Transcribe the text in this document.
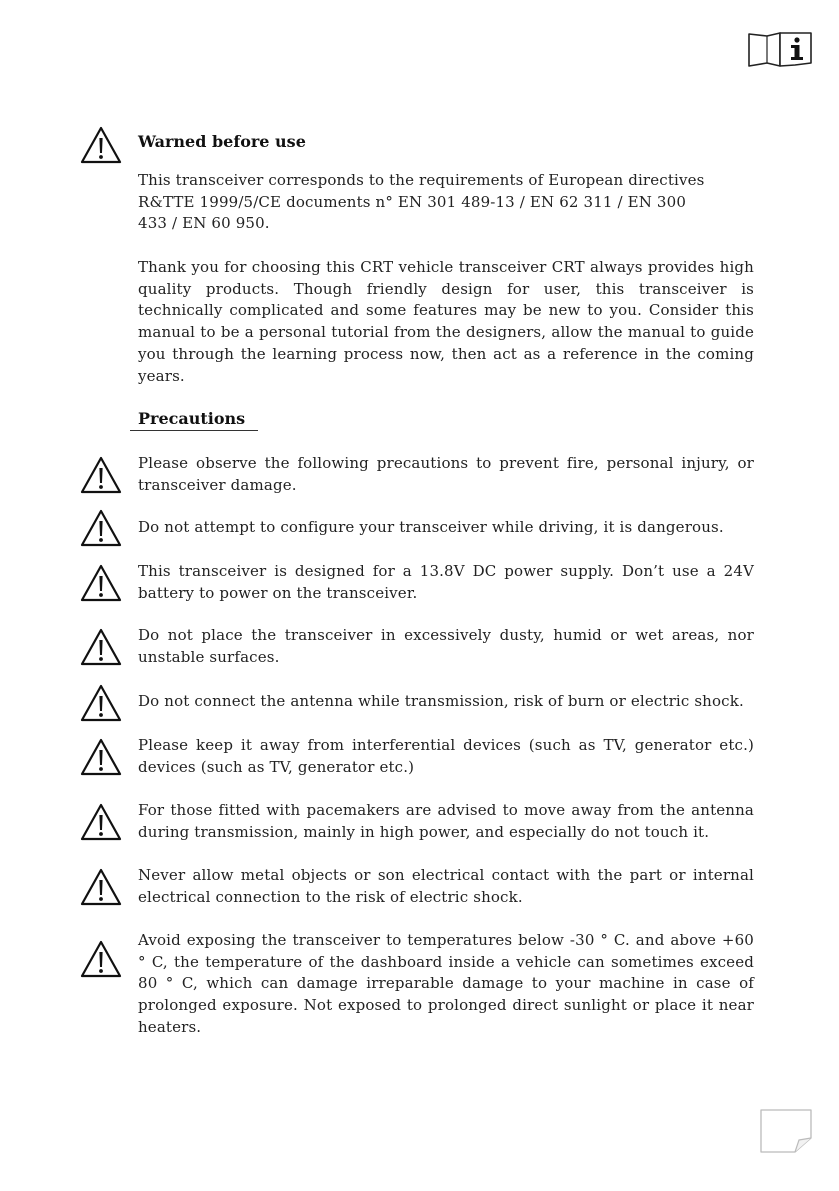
Warned before use
This transceiver corresponds to the requirements of European directives R&TTE 1999/5/CE documents n° EN 301 489-13 / EN 62 311 / EN 300 433 / EN 60 950.
Thank you for choosing this CRT vehicle transceiver CRT always provides high quality products. Though friendly design for user, this transceiver is technically complicated and some features may be new to you. Consider this manual to be a personal tutorial from the designers, allow the manual to guide you through the learning process now, then act as a reference in the coming years.
Precautions
Please observe the following precautions to prevent fire, personal injury, or transceiver damage.
Do not attempt to configure your transceiver while driving, it is dangerous.
This transceiver is designed for a 13.8V DC power supply. Don’t use a 24V battery to power on the transceiver.
Do not place the transceiver in excessively dusty, humid or wet areas, nor unstable surfaces.
Do not connect the antenna while transmission, risk of burn or electric shock.
Please keep it away from interferential devices (such as TV, generator etc.) devices (such as TV, generator etc.)
For those fitted with pacemakers are advised to move away from the antenna during transmission, mainly in high power, and especially do not touch it.
Never allow metal objects or son electrical contact with the part or internal electrical connection to the risk of electric shock.
Avoid exposing the transceiver to temperatures below -30 ° C. and above +60 ° C, the temperature of the dashboard inside a vehicle can sometimes exceed 80 ° C, which can damage irreparable damage to your machine in case of prolonged exposure. Not exposed to prolonged direct sunlight or place it near heaters.
